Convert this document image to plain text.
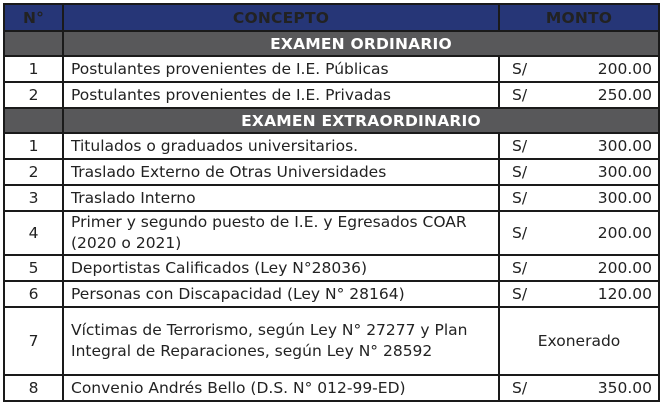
N°	CONCEPTO	MONTO	
	EXAMEN ORDINARIO		
1	Postulantes provenientes de I.E. Públicas	S/	200.00
2	Postulantes provenientes de I.E. Privadas	S/	250.00
	EXAMEN EXTRAORDINARIO		
1	Titulados o graduados universitarios.	S/	300.00
2	Traslado Externo de Otras Universidades	S/	300.00
3	Traslado Interno	S/	300.00
4	Primer y segundo puesto de I.E. y Egresados COAR (2020 o 2021)	S/	200.00
5	Deportistas Calificados (Ley N°28036)	S/	200.00
6	Personas con Discapacidad (Ley N° 28164)	S/	120.00
7	Víctimas de Terrorismo, según Ley N° 27277 y Plan Integral de Reparaciones, según Ley N° 28592	Exonerado	
8	Convenio Andrés Bello (D.S. N° 012-99-ED)	S/	350.00
